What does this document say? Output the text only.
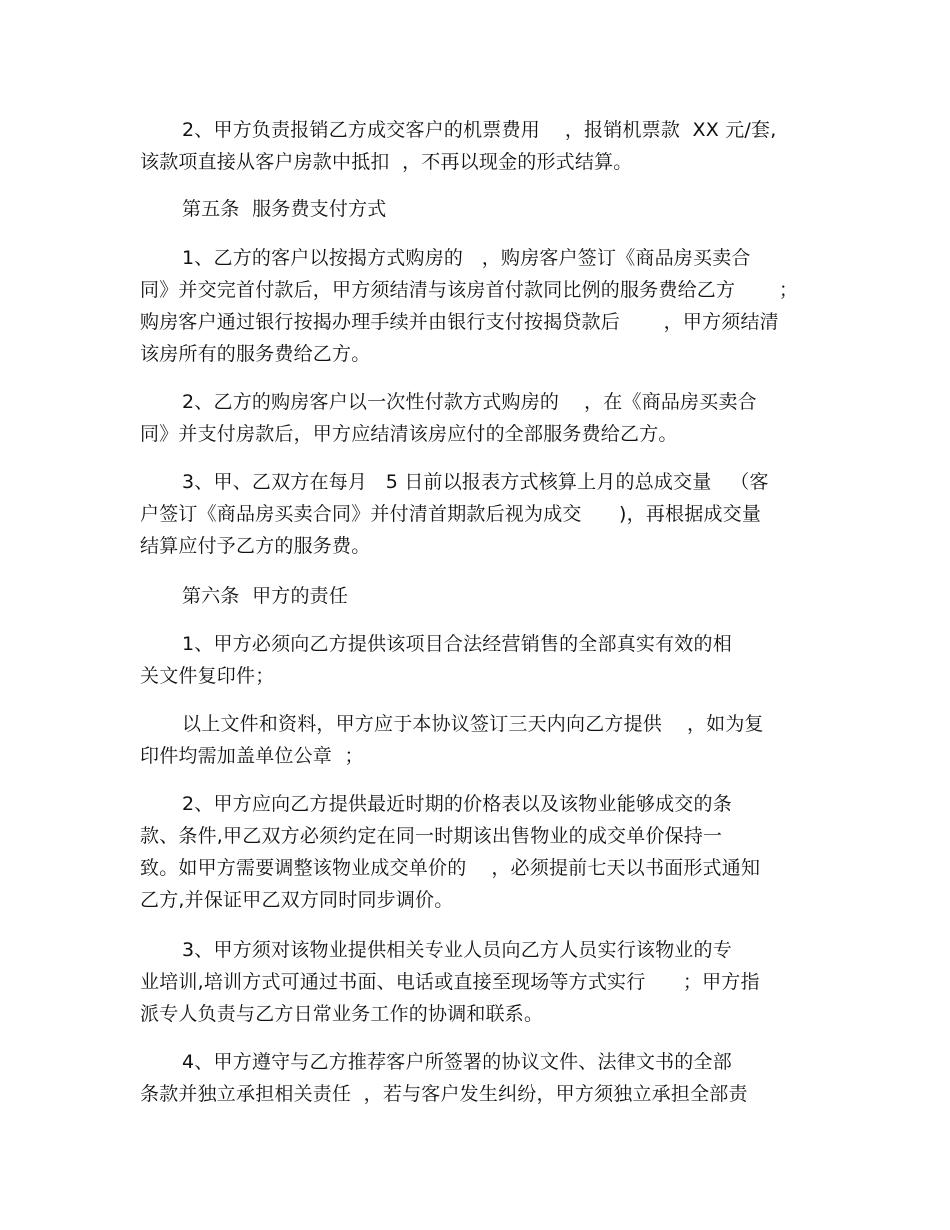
2、甲方负责报销乙方成交客户的机票费用    ，报销机票款  XX 元/套,
该款项直接从客户房款中抵扣  ，不再以现金的形式结算。
第五条  服务费支付方式
1、乙方的客户以按揭方式购房的   ，购房客户签订《商品房买卖合
同》并交完首付款后，甲方须结清与该房首付款同比例的服务费给乙方       ；
购房客户通过银行按揭办理手续并由银行支付按揭贷款后       ，甲方须结清
该房所有的服务费给乙方。
2、乙方的购房客户以一次性付款方式购房的    ，在《商品房买卖合
同》并支付房款后，甲方应结清该房应付的全部服务费给乙方。
3、甲、乙双方在每月   5 日前以报表方式核算上月的总成交量   （客
户签订《商品房买卖合同》并付清首期款后视为成交      )，再根据成交量
结算应付予乙方的服务费。
第六条  甲方的责任
1、甲方必须向乙方提供该项目合法经营销售的全部真实有效的相
关文件复印件；
以上文件和资料，甲方应于本协议签订三天内向乙方提供    ，如为复
印件均需加盖单位公章  ；
2、甲方应向乙方提供最近时期的价格表以及该物业能够成交的条
款、条件,甲乙双方必须约定在同一时期该出售物业的成交单价保持一
致。如甲方需要调整该物业成交单价的    ，必须提前七天以书面形式通知
乙方,并保证甲乙双方同时同步调价。
3、甲方须对该物业提供相关专业人员向乙方人员实行该物业的专
业培训,培训方式可通过书面、电话或直接至现场等方式实行      ；甲方指
派专人负责与乙方日常业务工作的协调和联系。
4、甲方遵守与乙方推荐客户所签署的协议文件、法律文书的全部
条款并独立承担相关责任  ，若与客户发生纠纷，甲方须独立承担全部责
